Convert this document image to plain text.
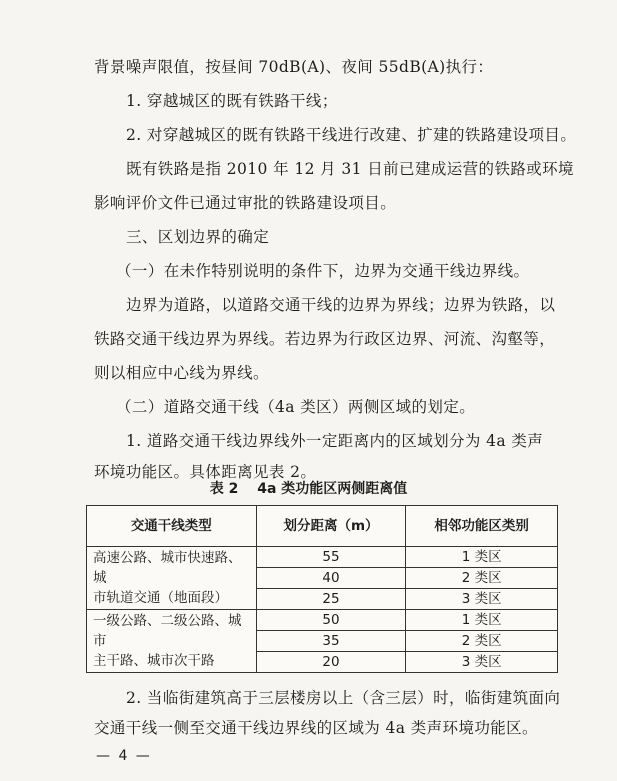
背景噪声限值，按昼间 70dB(A)、夜间 55dB(A)执行：
1. 穿越城区的既有铁路干线；
2. 对穿越城区的既有铁路干线进行改建、扩建的铁路建设项目。
既有铁路是指 2010 年 12 月 31 日前已建成运营的铁路或环境
影响评价文件已通过审批的铁路建设项目。
三、区划边界的确定
（一）在未作特别说明的条件下，边界为交通干线边界线。
边界为道路，以道路交通干线的边界为界线；边界为铁路，以
铁路交通干线边界为界线。若边界为行政区边界、河流、沟壑等，
则以相应中心线为界线。
（二）道路交通干线（4a 类区）两侧区域的划定。
1. 道路交通干线边界线外一定距离内的区域划分为 4a 类声
环境功能区。具体距离见表 2。
表 2　 4a 类功能区两侧距离值
交通干线类型	划分距离（m）	相邻功能区类别

高速公路、城市快速路、城
市轨道交通（地面段）	55	1 类区
	40	2 类区
	25	3 类区

一级公路、二级公路、城市
主干路、城市次干路	50	1 类区
	35	2 类区
	20	3 类区
2. 当临街建筑高于三层楼房以上（含三层）时，临街建筑面向
交通干线一侧至交通干线边界线的区域为 4a 类声环境功能区。
— 4 —
